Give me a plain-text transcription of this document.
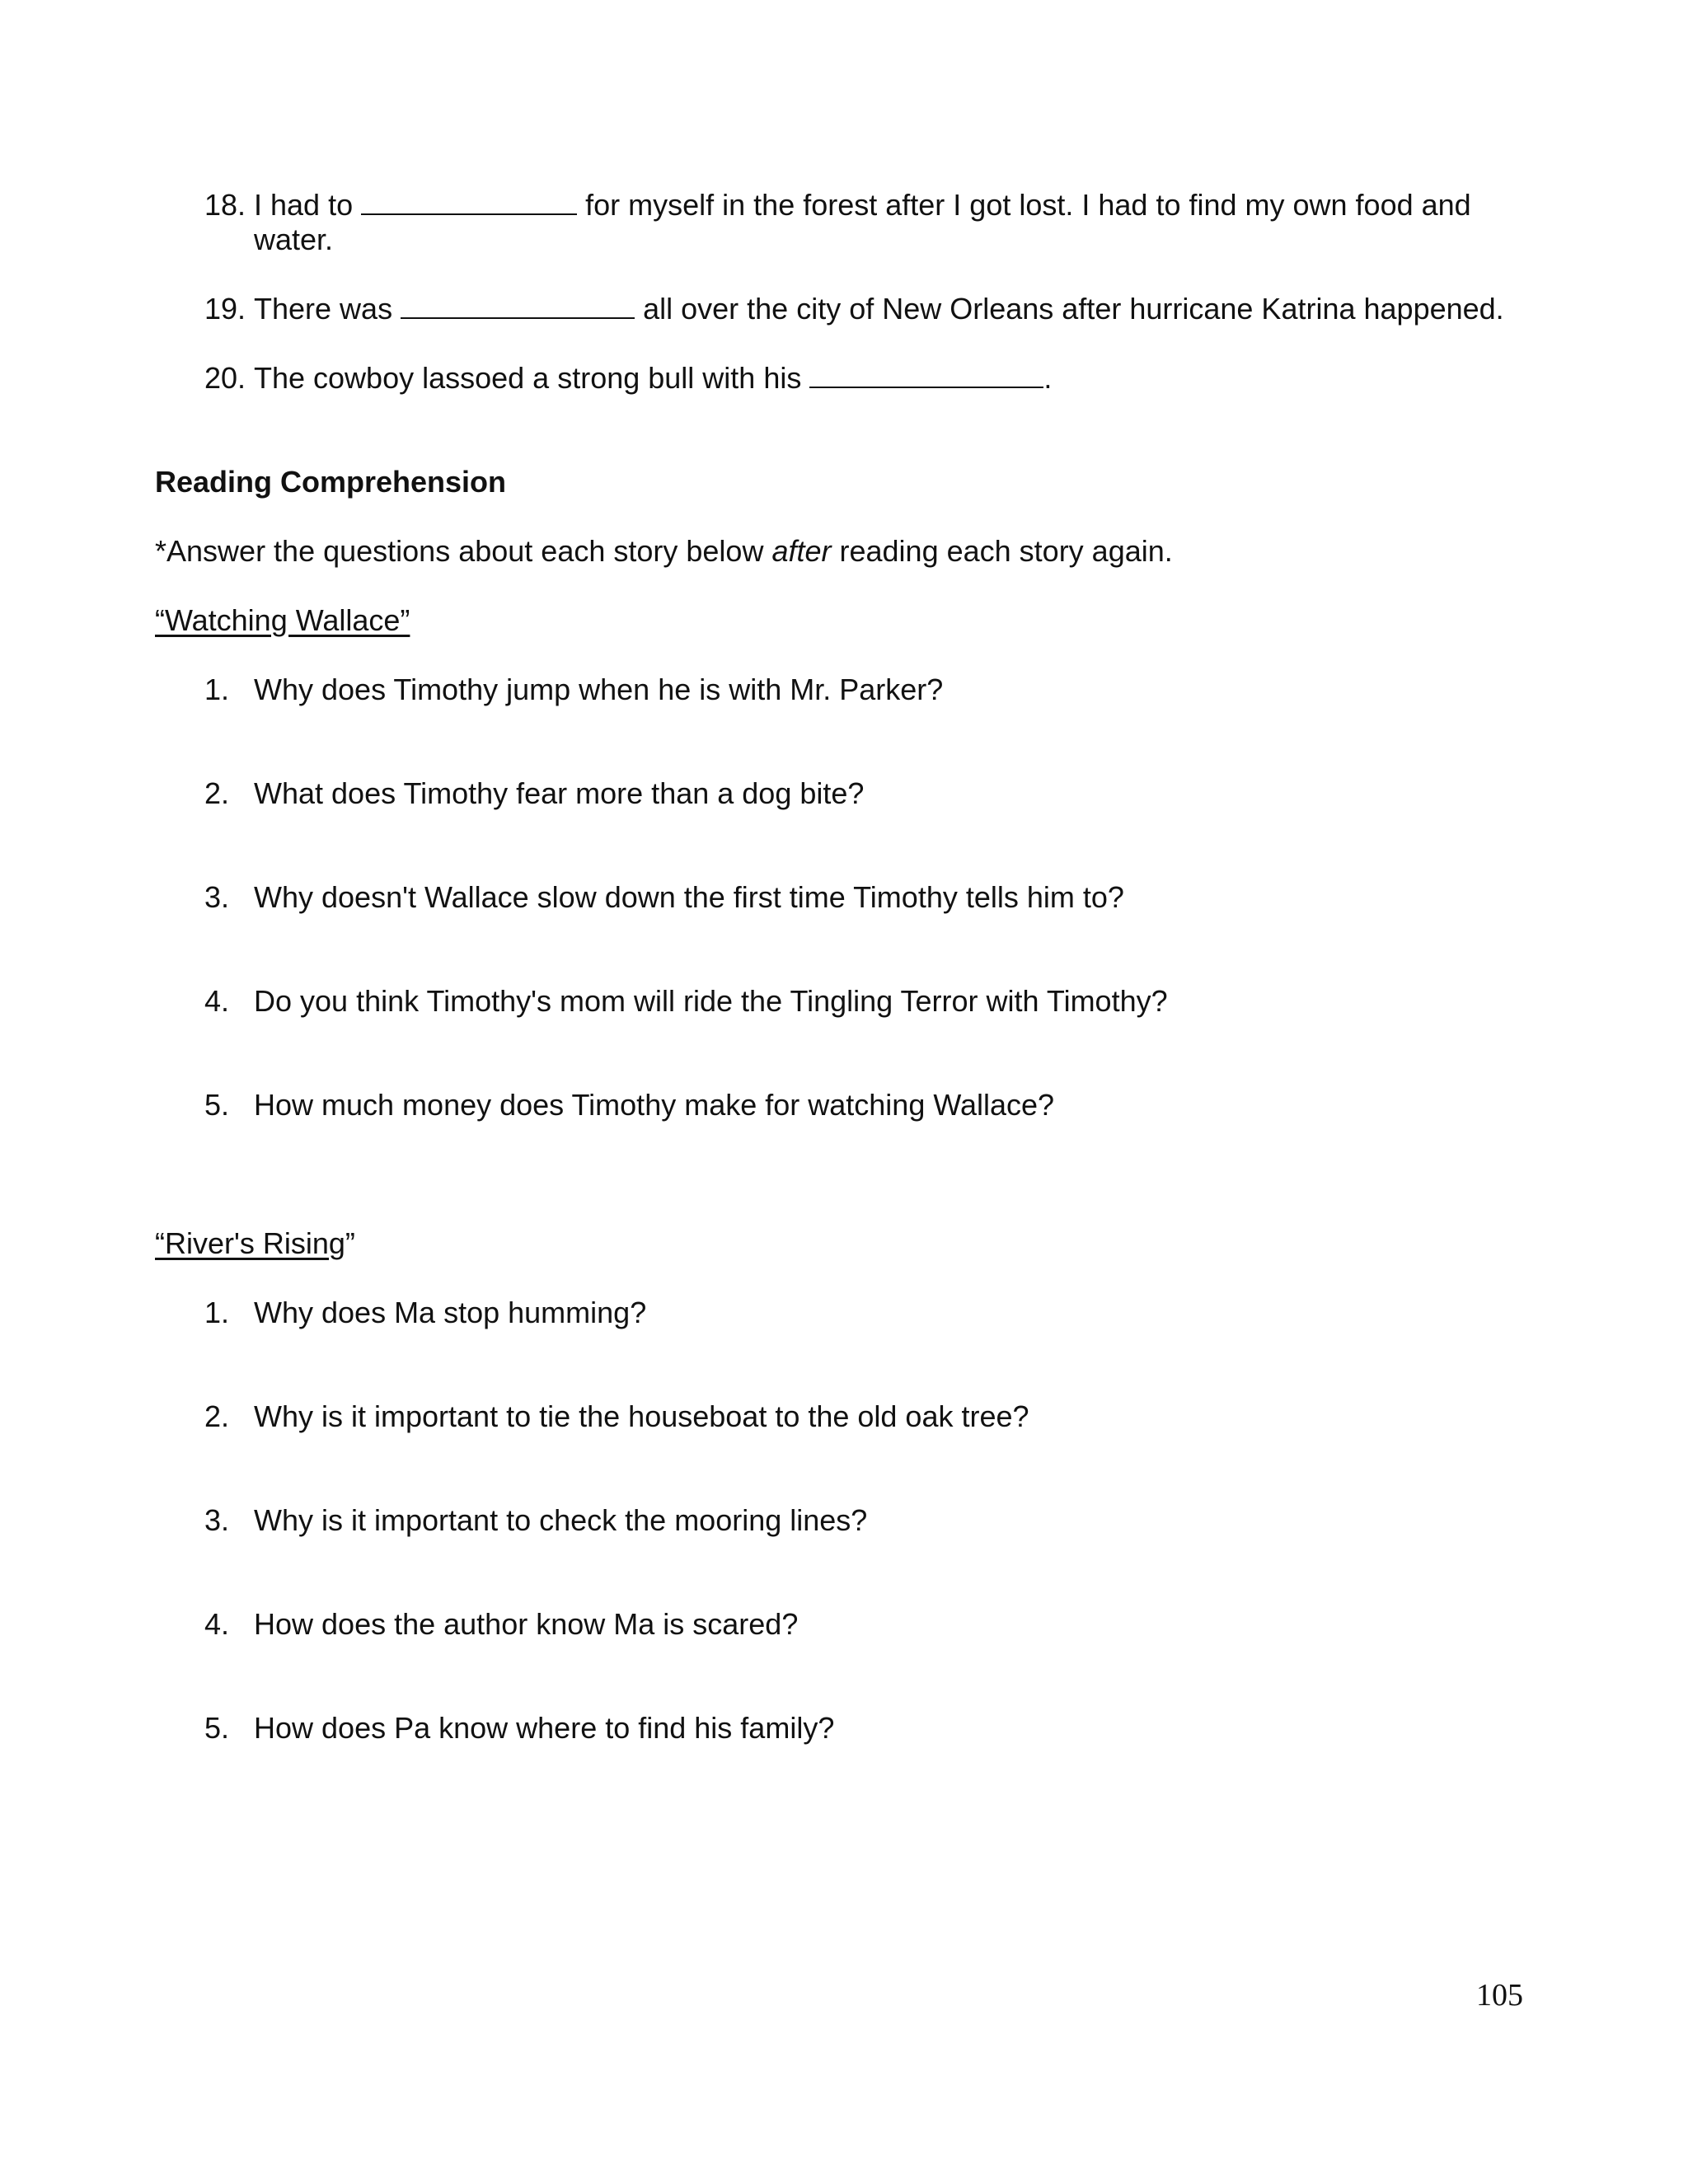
18. I had to	for myself in the forest after I got lost. I had to find my own food and
water.
19. There was	all over the city of New Orleans after hurricane Katrina happened.
20. The cowboy lassoed a strong bull with his	.
Reading Comprehension
*Answer the questions about each story below after reading each story again.
“Watching Wallace”
1. Why does Timothy jump when he is with Mr. Parker?
2. What does Timothy fear more than a dog bite?
3. Why doesn't Wallace slow down the first time Timothy tells him to?
4. Do you think Timothy's mom will ride the Tingling Terror with Timothy?
5. How much money does Timothy make for watching Wallace?
“River's Rising”
1. Why does Ma stop humming?
2. Why is it important to tie the houseboat to the old oak tree?
3. Why is it important to check the mooring lines?
4. How does the author know Ma is scared?
5. How does Pa know where to find his family?
105
